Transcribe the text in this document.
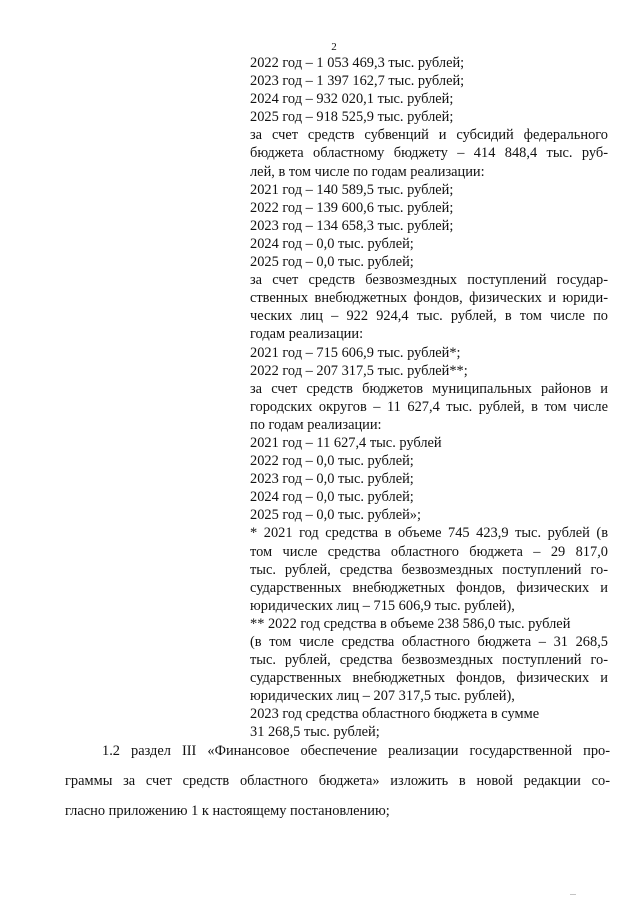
2
2022 год – 1 053 469,3 тыс. рублей;
2023 год – 1 397 162,7 тыс. рублей;
2024 год – 932 020,1 тыс. рублей;
2025 год – 918 525,9 тыс. рублей;
за счет средств субвенций и субсидий федерального
бюджета областному бюджету – 414 848,4 тыс. руб-
лей, в том числе по годам реализации:
2021 год – 140 589,5 тыс. рублей;
2022 год – 139 600,6 тыс. рублей;
2023 год – 134 658,3 тыс. рублей;
2024 год – 0,0 тыс. рублей;
2025 год – 0,0 тыс. рублей;
за счет средств безвозмездных поступлений государ-
ственных внебюджетных фондов, физических и юриди-
ческих лиц – 922 924,4 тыс. рублей, в том числе по
годам реализации:
2021 год – 715 606,9 тыс. рублей*;
2022 год – 207 317,5 тыс. рублей**;
за счет средств бюджетов муниципальных районов и
городских округов – 11 627,4 тыс. рублей, в том числе
по годам реализации:
2021 год – 11 627,4 тыс. рублей
2022 год – 0,0 тыс. рублей;
2023 год – 0,0 тыс. рублей;
2024 год – 0,0 тыс. рублей;
2025 год – 0,0 тыс. рублей»;
* 2021 год средства в объеме 745 423,9 тыс. рублей (в
том числе средства областного бюджета – 29 817,0
тыс. рублей, средства безвозмездных поступлений го-
сударственных внебюджетных фондов, физических и
юридических лиц – 715 606,9 тыс. рублей),
** 2022 год средства в объеме 238 586,0 тыс. рублей
(в том числе средства областного бюджета – 31 268,5
тыс. рублей, средства безвозмездных поступлений го-
сударственных внебюджетных фондов, физических и
юридических лиц – 207 317,5 тыс. рублей),
2023 год средства областного бюджета в сумме
31 268,5 тыс. рублей;
1.2 раздел III «Финансовое обеспечение реализации государственной про-
граммы за счет средств областного бюджета» изложить в новой редакции со-
гласно приложению 1 к настоящему постановлению;
...
